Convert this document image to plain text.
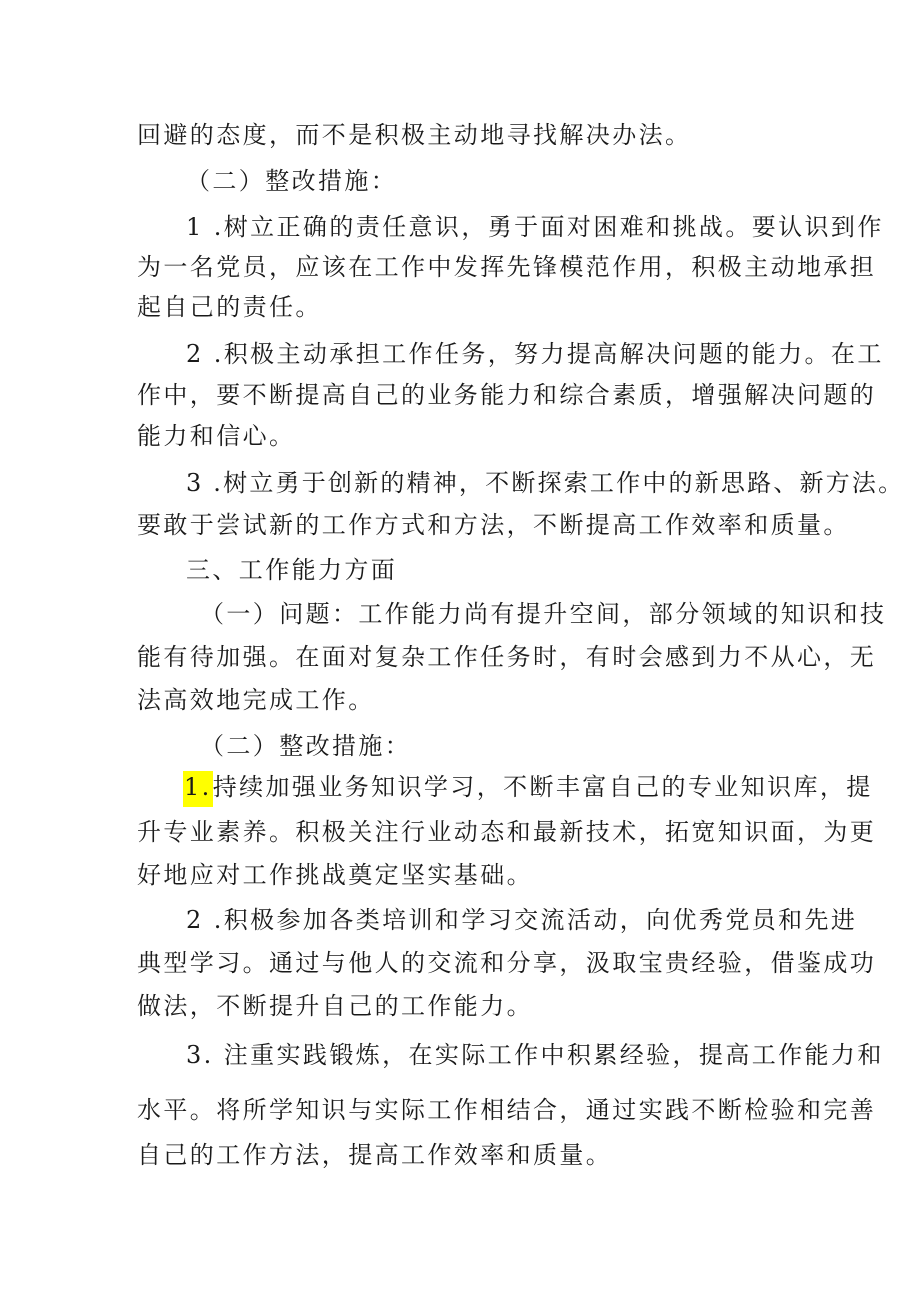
回避的态度，而不是积极主动地寻找解决办法。
（二）整改措施：
1 .树立正确的责任意识，勇于面对困难和挑战。要认识到作
为一名党员，应该在工作中发挥先锋模范作用，积极主动地承担
起自己的责任。
2 .积极主动承担工作任务，努力提高解决问题的能力。在工
作中，要不断提高自己的业务能力和综合素质，增强解决问题的
能力和信心。
3 .树立勇于创新的精神，不断探索工作中的新思路、新方法。
要敢于尝试新的工作方式和方法，不断提高工作效率和质量。
三、工作能力方面
（一）问题：工作能力尚有提升空间，部分领域的知识和技
能有待加强。在面对复杂工作任务时，有时会感到力不从心，无
法高效地完成工作。
（二）整改措施：
1.持续加强业务知识学习，不断丰富自己的专业知识库，提
升专业素养。积极关注行业动态和最新技术，拓宽知识面，为更
好地应对工作挑战奠定坚实基础。
2 .积极参加各类培训和学习交流活动，向优秀党员和先进
典型学习。通过与他人的交流和分享，汲取宝贵经验，借鉴成功
做法，不断提升自己的工作能力。
3. 注重实践锻炼，在实际工作中积累经验，提高工作能力和
水平。将所学知识与实际工作相结合，通过实践不断检验和完善
自己的工作方法，提高工作效率和质量。
